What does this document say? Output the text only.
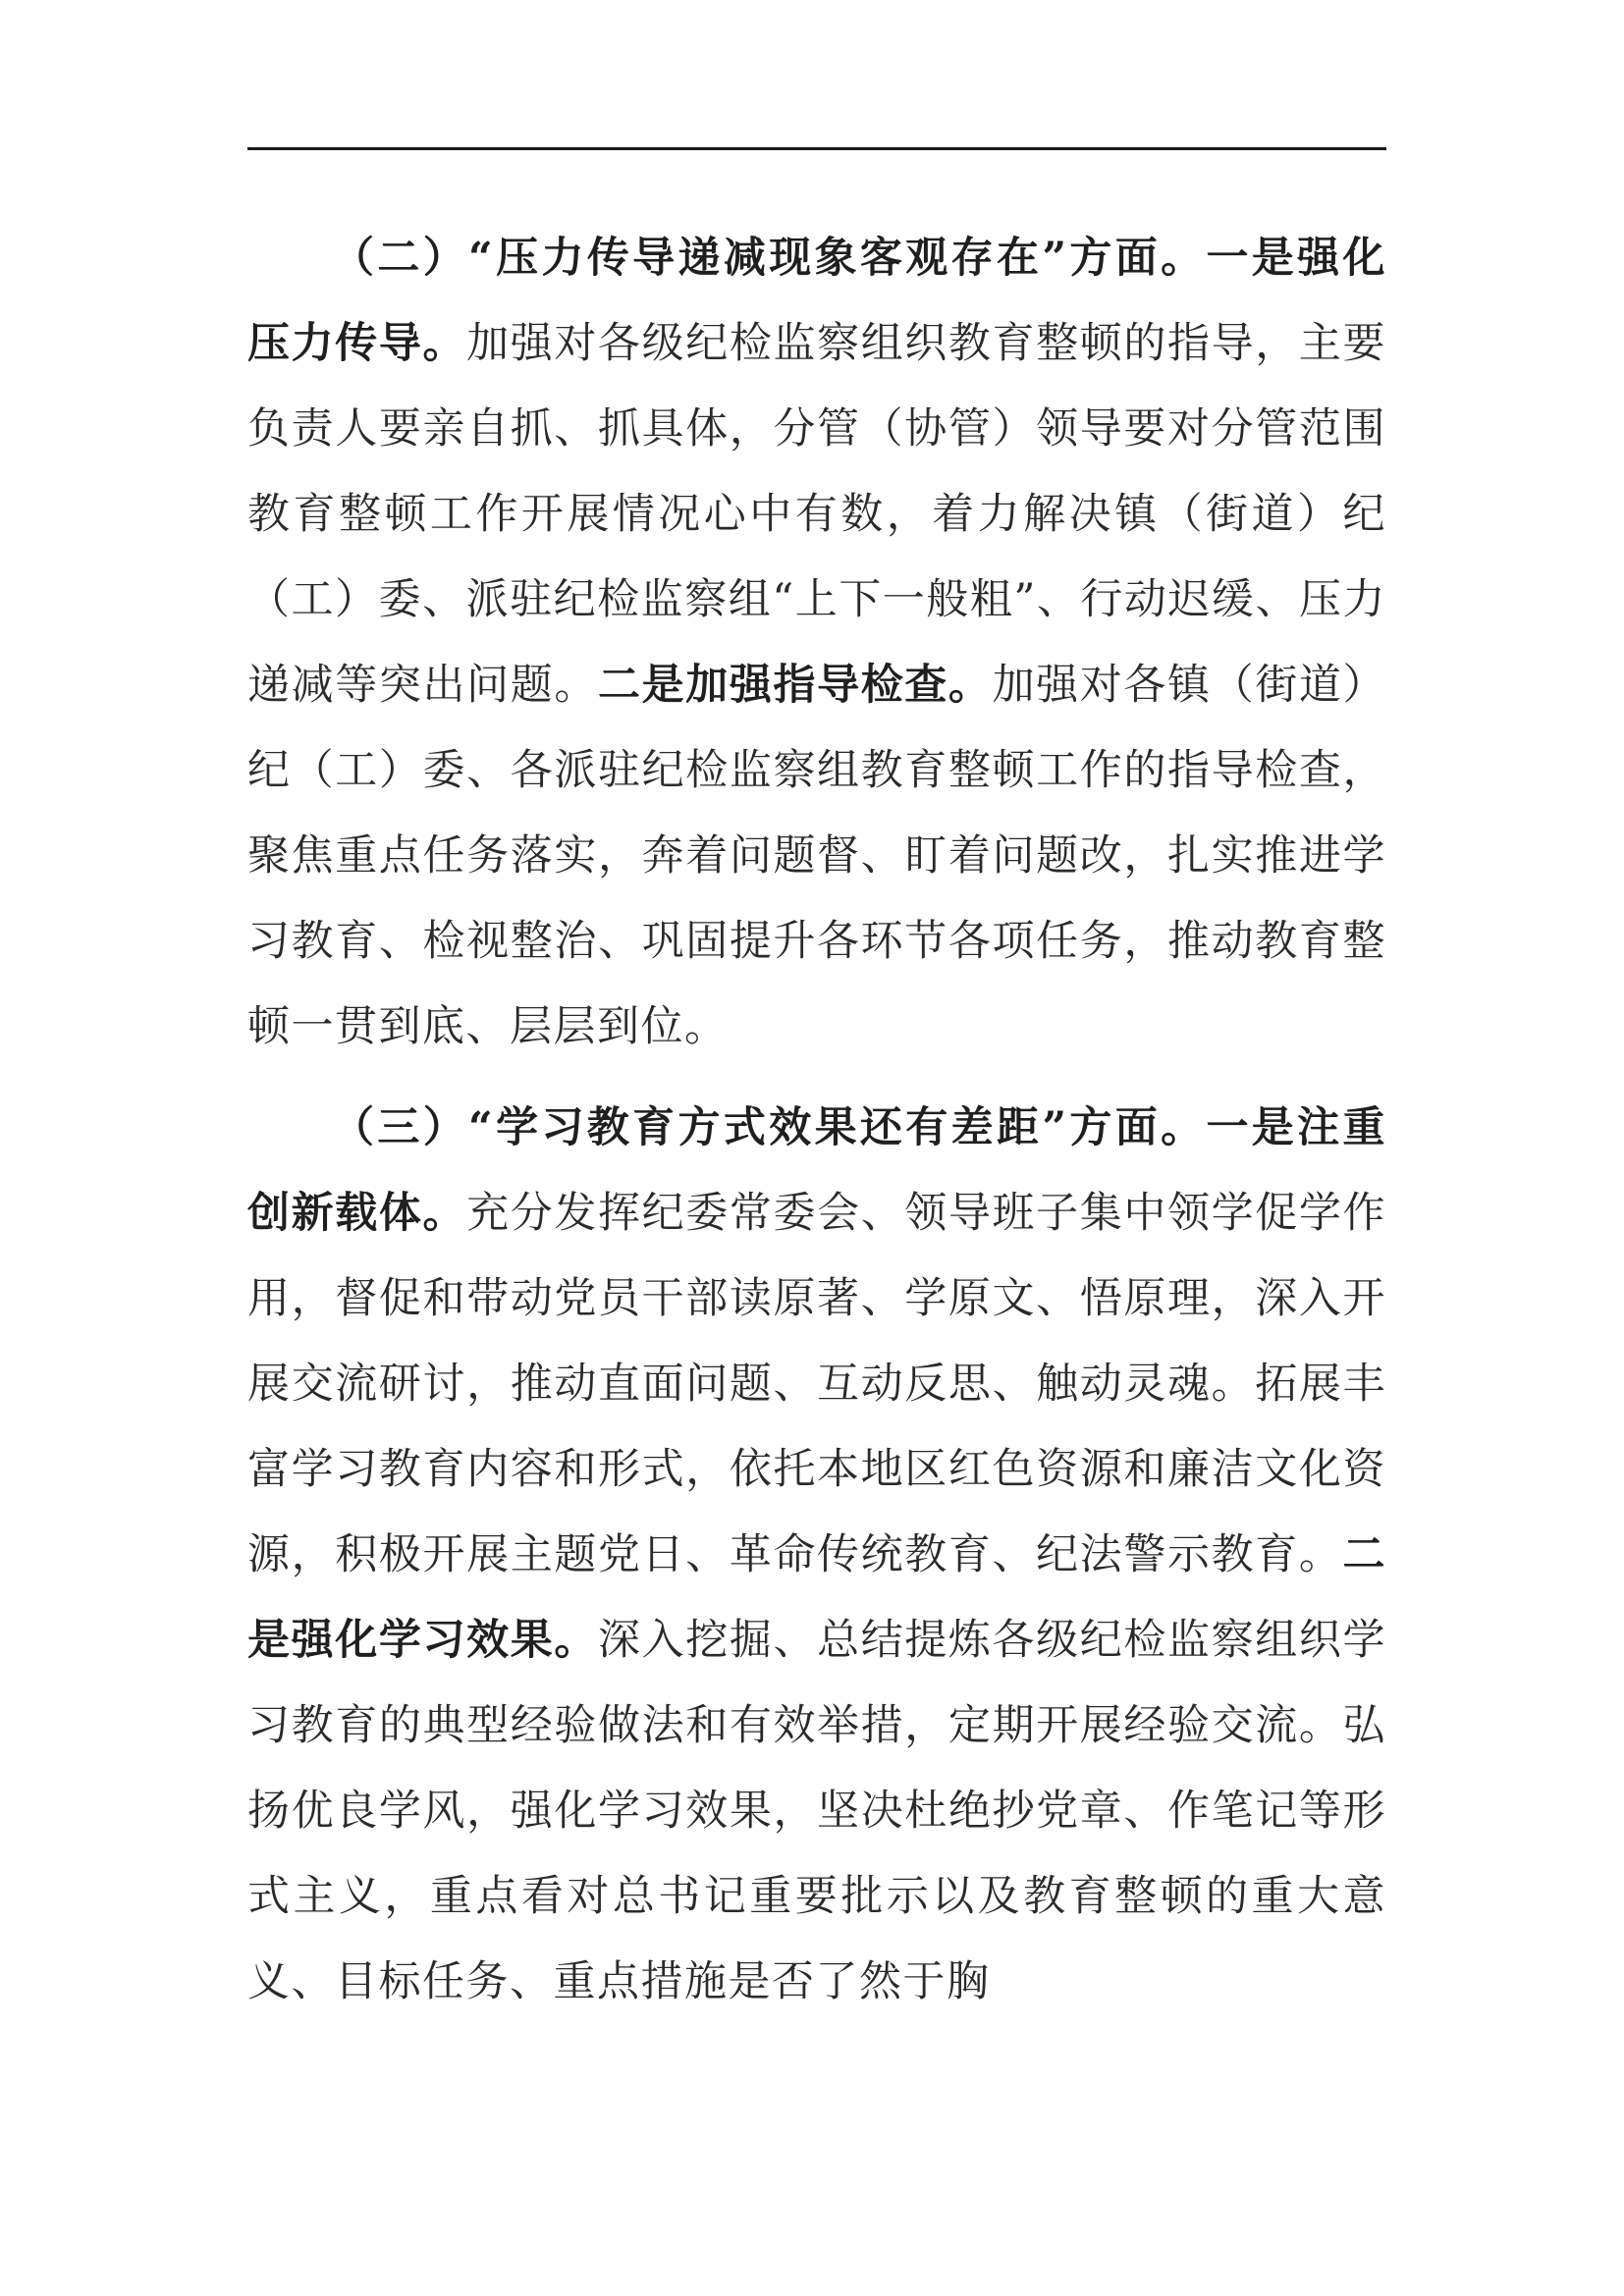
（二）“压力传导递减现象客观存在”方面。一是强化压力传导。加强对各级纪检监察组织教育整顿的指导，主要负责人要亲自抓、抓具体，分管（协管）领导要对分管范围教育整顿工作开展情况心中有数，着力解决镇（街道）纪（工）委、派驻纪检监察组“上下一般粗”、行动迟缓、压力递减等突出问题。二是加强指导检查。加强对各镇（街道）纪（工）委、各派驻纪检监察组教育整顿工作的指导检查，聚焦重点任务落实，奔着问题督、盯着问题改，扎实推进学习教育、检视整治、巩固提升各环节各项任务，推动教育整顿一贯到底、层层到位。

（三）“学习教育方式效果还有差距”方面。一是注重创新载体。充分发挥纪委常委会、领导班子集中领学促学作用，督促和带动党员干部读原著、学原文、悟原理，深入开展交流研讨，推动直面问题、互动反思、触动灵魂。拓展丰富学习教育内容和形式，依托本地区红色资源和廉洁文化资源，积极开展主题党日、革命传统教育、纪法警示教育。二是强化学习效果。深入挖掘、总结提炼各级纪检监察组织学习教育的典型经验做法和有效举措，定期开展经验交流。弘扬优良学风，强化学习效果，坚决杜绝抄党章、作笔记等形式主义，重点看对总书记重要批示以及教育整顿的重大意义、目标任务、重点措施是否了然于胸
